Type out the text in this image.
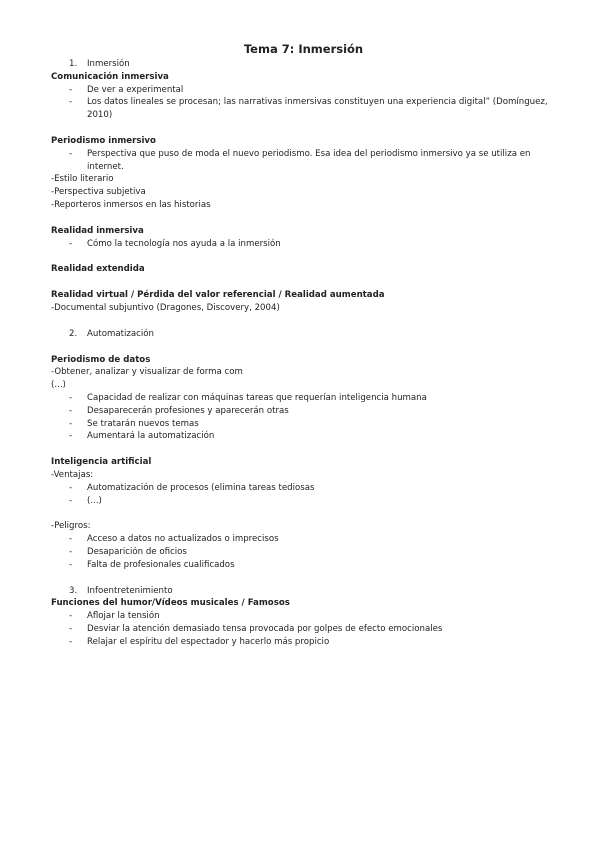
Tema 7: Inmersión
1. Inmersión
Comunicación inmersiva
- De ver a experimental
- Los datos lineales se procesan; las narrativas inmersivas constituyen una experiencia digital” (Domínguez, 2010)
Periodismo inmersivo
- Perspectiva que puso de moda el nuevo periodismo. Esa idea del periodismo inmersivo ya se utiliza en internet.
-Estilo literario
-Perspectiva subjetiva
-Reporteros inmersos en las historias
Realidad inmersiva
- Cómo la tecnología nos ayuda a la inmersión
Realidad extendida
Realidad virtual / Pérdida del valor referencial / Realidad aumentada
-Documental subjuntivo (Dragones, Discovery, 2004)
2. Automatización
Periodismo de datos
-Obtener, analizar y visualizar de forma com
(...)
- Capacidad de realizar con máquinas tareas que requerían inteligencia humana
- Desaparecerán profesiones y aparecerán otras
- Se tratarán nuevos temas
- Aumentará la automatización
Inteligencia artificial
-Ventajas:
- Automatización de procesos (elimina tareas tediosas
- (...)
-Peligros:
- Acceso a datos no actualizados o imprecisos
- Desaparición de oficios
- Falta de profesionales cualificados
3. Infoentretenimiento
Funciones del humor/Vídeos musicales / Famosos
- Aflojar la tensión
- Desviar la atención demasiado tensa provocada por golpes de efecto emocionales
- Relajar el espíritu del espectador y hacerlo más propicio
